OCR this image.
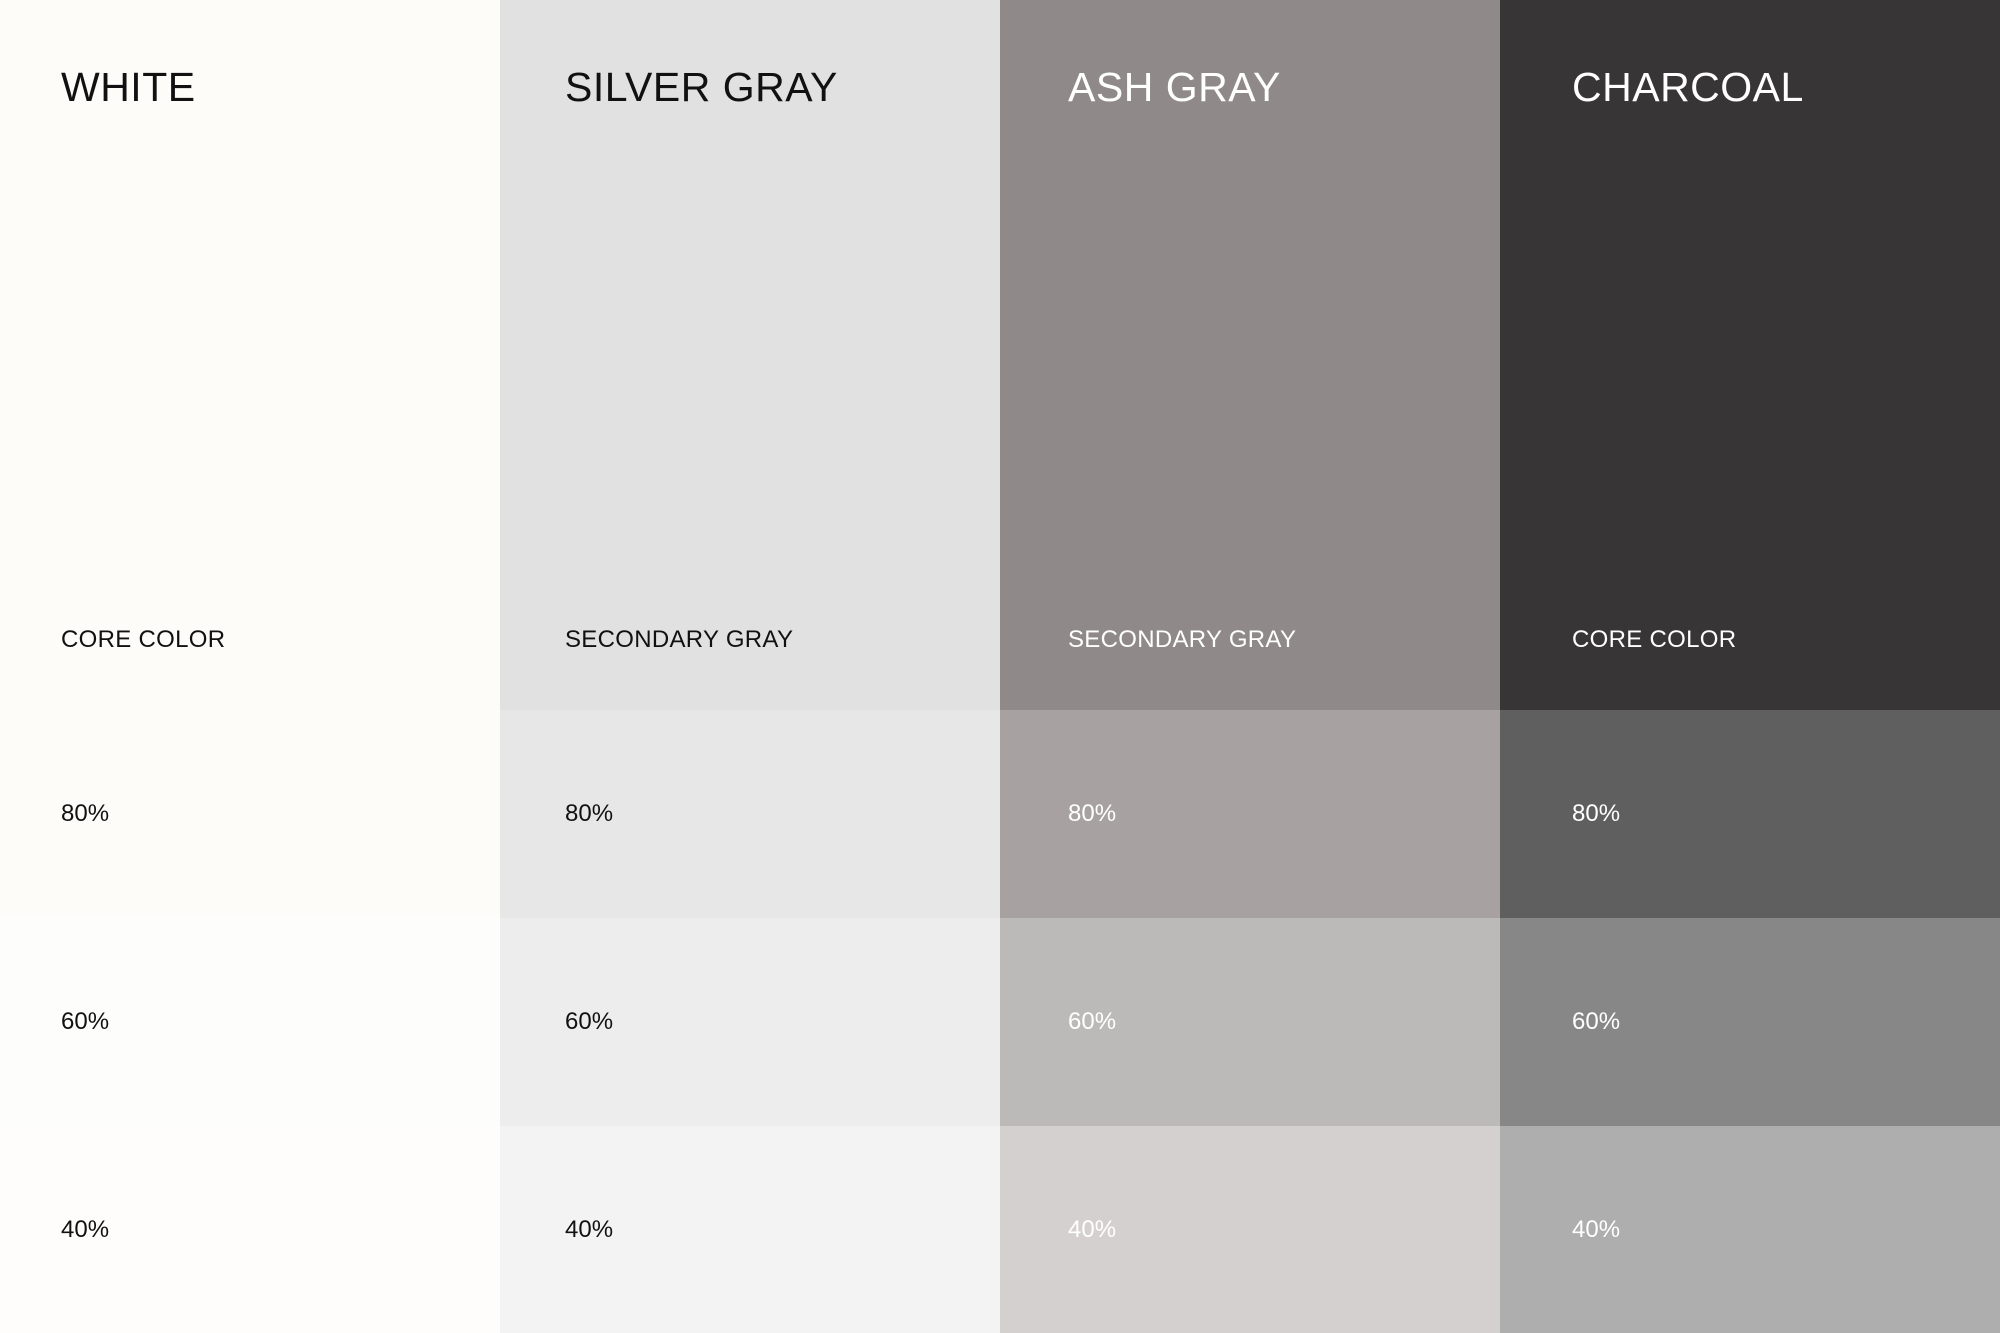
WHITE

CORE COLOR

80%

60%

40%

SILVER GRAY

SECONDARY GRAY

80%

60%

40%

ASH GRAY

SECONDARY GRAY

80%

60%

40%

CHARCOAL

CORE COLOR

80%

60%

40%
